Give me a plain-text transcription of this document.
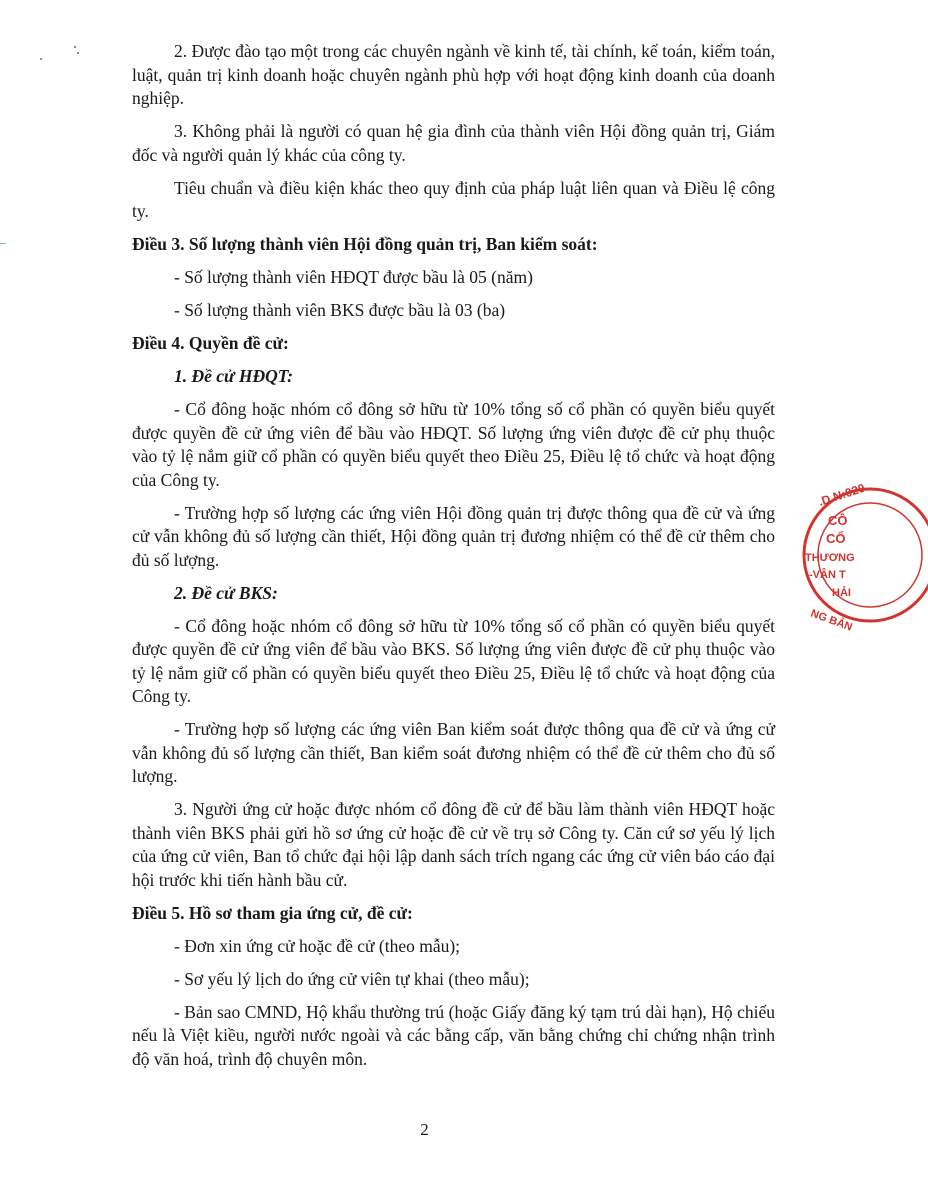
2. Được đào tạo một trong các chuyên ngành về kinh tế, tài chính, kế toán, kiểm toán, luật, quản trị kinh doanh hoặc chuyên ngành phù hợp với hoạt động kinh doanh của doanh nghiệp.

3. Không phải là người có quan hệ gia đình của thành viên Hội đồng quản trị, Giám đốc và người quản lý khác của công ty.

Tiêu chuẩn và điều kiện khác theo quy định của pháp luật liên quan và Điều lệ công ty.

Điều 3. Số lượng thành viên Hội đồng quản trị, Ban kiểm soát:

- Số lượng thành viên HĐQT được bầu là 05 (năm)

- Số lượng thành viên BKS được bầu là 03 (ba)

Điều 4. Quyền đề cử:

1. Đề cử HĐQT:

- Cổ đông hoặc nhóm cổ đông sở hữu từ 10% tổng số cổ phần có quyền biểu quyết được quyền đề cử ứng viên để bầu vào HĐQT. Số lượng ứng viên được đề cử phụ thuộc vào tỷ lệ nắm giữ cổ phần có quyền biểu quyết theo Điều 25, Điều lệ tổ chức và hoạt động của Công ty.

- Trường hợp số lượng các ứng viên Hội đồng quản trị được thông qua đề cử và ứng cử vẫn không đủ số lượng cần thiết, Hội đồng quản trị đương nhiệm có thể đề cử thêm cho đủ số lượng.

2. Đề cử BKS:

- Cổ đông hoặc nhóm cổ đông sở hữu từ 10% tổng số cổ phần có quyền biểu quyết được quyền đề cử ứng viên để bầu vào BKS. Số lượng ứng viên được đề cử phụ thuộc vào tỷ lệ nắm giữ cổ phần có quyền biểu quyết theo Điều 25, Điều lệ tổ chức và hoạt động của Công ty.

- Trường hợp số lượng các ứng viên Ban kiểm soát được thông qua đề cử và ứng cử vẫn không đủ số lượng cần thiết, Ban kiểm soát đương nhiệm có thể đề cử thêm cho đủ số lượng.

3. Người ứng cử hoặc được nhóm cổ đông đề cử để bầu làm thành viên HĐQT hoặc thành viên BKS phải gửi hồ sơ ứng cử hoặc đề cử về trụ sở Công ty. Căn cứ sơ yếu lý lịch của ứng cử viên, Ban tổ chức đại hội lập danh sách trích ngang các ứng cử viên báo cáo đại hội trước khi tiến hành bầu cử.

Điều 5. Hồ sơ tham gia ứng cử, đề cử:

- Đơn xin ứng cử hoặc đề cử (theo mẫu);

- Sơ yếu lý lịch do ứng cử viên tự khai (theo mẫu);

- Bản sao CMND, Hộ khẩu thường trú (hoặc Giấy đăng ký tạm trú dài hạn), Hộ chiếu nếu là Việt kiều, người nước ngoài và các bằng cấp, văn bằng chứng chỉ chứng nhận trình độ văn hoá, trình độ chuyên môn.

2
.D.N:020
CÔ
CỔ
THƯƠNG
-VẬN T
HẢI
NG BẢN
